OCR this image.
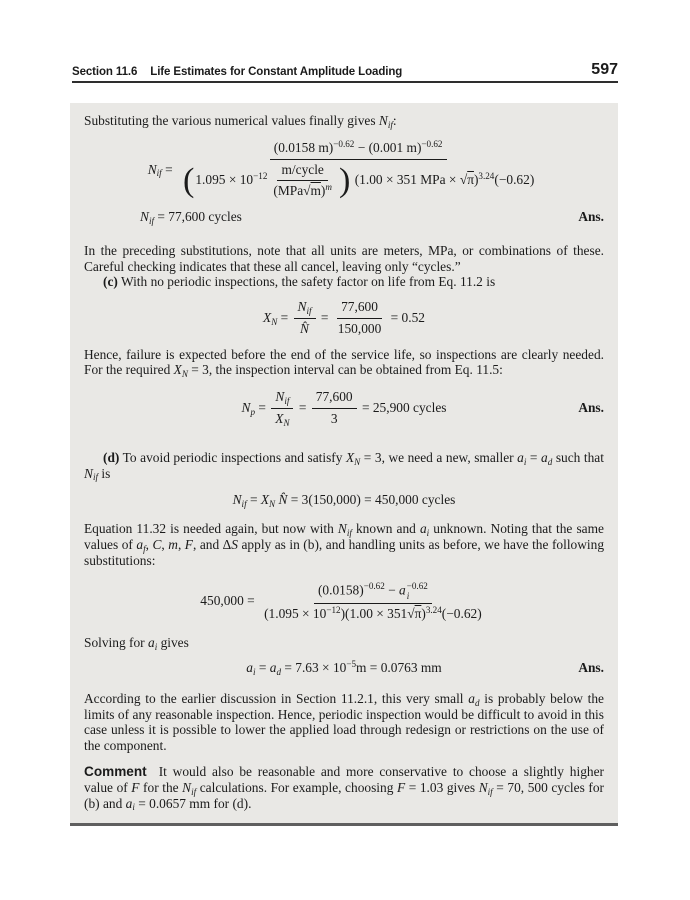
Section 11.6 Life Estimates for Constant Amplitude Loading	597

Substituting the various numerical values finally gives $N_{if}$:

$N_{if}$ =
(0.0158 m)$^{-0.62}$ − (0.001 m)$^{-0.62}$
( $1.095 \times 10^{-12} \frac{\text{m/cycle}}{(MPa√m)^m}$ ) (1.00 × 351 MPa × √π)$^{3.24}$(−0.62)
$N_{if} = 77,600$ cycles	Ans.

In the preceding substitutions, note that all units are meters, MPa, or combinations of these. Careful checking indicates that these all cancel, leaving only “cycles.”

(c) With no periodic inspections, the safety factor on life from Eq. 11.2 is

$X_N = \frac{N_{if}}{N̂} = \frac{77,600}{150,000} = 0.52$

Hence, failure is expected before the end of the service life, so inspections are clearly needed. For the required $X_N = 3$, the inspection interval can be obtained from Eq. 11.5:

$N_p = \frac{N_{if}}{X_N} = \frac{77,600}{3} = 25,900$ cycles	Ans.

(d) To avoid periodic inspections and satisfy $X_N = 3$, we need a new, smaller $a_i = a_d$ such that $N_{if}$ is

$N_{if} = X_N$ N̂ = 3(150,000) = 450,000 cycles

Equation 11.32 is needed again, but now with $N_{if}$ known and $a_i$ unknown. Noting that the same values of $a_f$, C, m, F, and ΔS apply as in (b), and handling units as before, we have the following substitutions:

$450,000 = (0.0158)^{-0.62} - a -0.62$
i
$(1.095 \times 10^{-12})(1.00 \times 351√\pi)^{3.24}(-0.62)$

Solving for $a_i$ gives

$a_i = a_d = 7.63 \times 10^{-5}m = 0.0763$ mm	Ans.

According to the earlier discussion in Section 11.2.1, this very small $a_d$ is probably below the limits of any reasonable inspection. Hence, periodic inspection would be difficult to avoid in this case unless it is possible to lower the applied load through redesign or restrictions on the use of the component.

Comment It would also be reasonable and more conservative to choose a slightly higher value of F for the $N_{if}$ calculations. For example, choosing F = 1.03 gives $N_{if} = 70$, 500 cycles for (b) and $a_i = 0.0657$ mm for (d).
